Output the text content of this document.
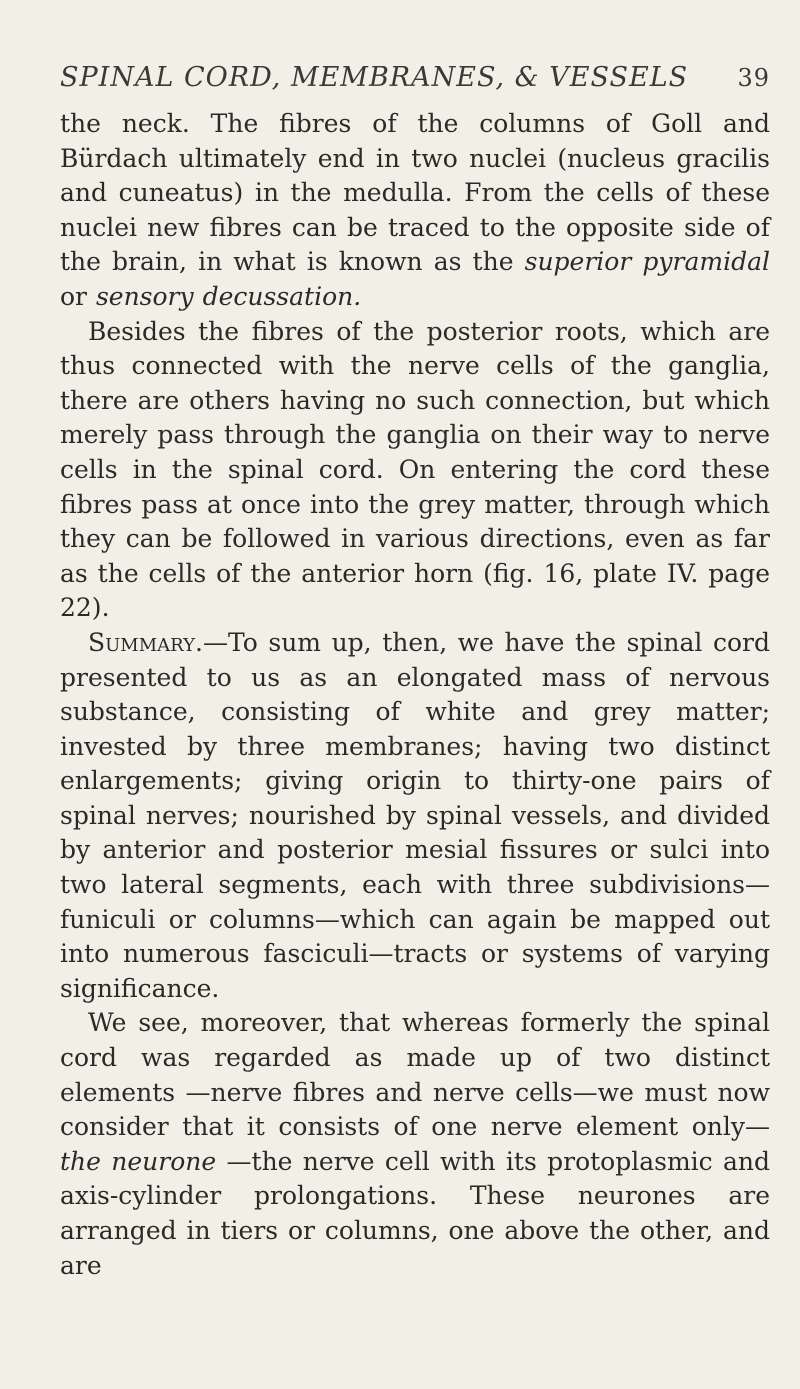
SPINAL CORD, MEMBRANES, & VESSELS 39

the neck. The fibres of the columns of Goll and Bürdach ultimately end in two nuclei (nucleus gracilis and cuneatus) in the medulla. From the cells of these nuclei new fibres can be traced to the opposite side of the brain, in what is known as the superior pyramidal or sensory decussation.

Besides the fibres of the posterior roots, which are thus connected with the nerve cells of the ganglia, there are others having no such connection, but which merely pass through the ganglia on their way to nerve cells in the spinal cord. On entering the cord these fibres pass at once into the grey matter, through which they can be followed in various directions, even as far as the cells of the anterior horn (fig. 16, plate IV. page 22).

Summary.—To sum up, then, we have the spinal cord presented to us as an elongated mass of nervous substance, consisting of white and grey matter; invested by three membranes; having two distinct enlargements; giving origin to thirty-one pairs of spinal nerves; nourished by spinal vessels, and divided by anterior and posterior mesial fissures or sulci into two lateral segments, each with three subdivisions—funiculi or columns—which can again be mapped out into numerous fasciculi—tracts or systems of varying significance.

We see, moreover, that whereas formerly the spinal cord was regarded as made up of two distinct elements —nerve fibres and nerve cells—we must now consider that it consists of one nerve element only—the neurone —the nerve cell with its protoplasmic and axis-cylinder prolongations. These neurones are arranged in tiers or columns, one above the other, and are
